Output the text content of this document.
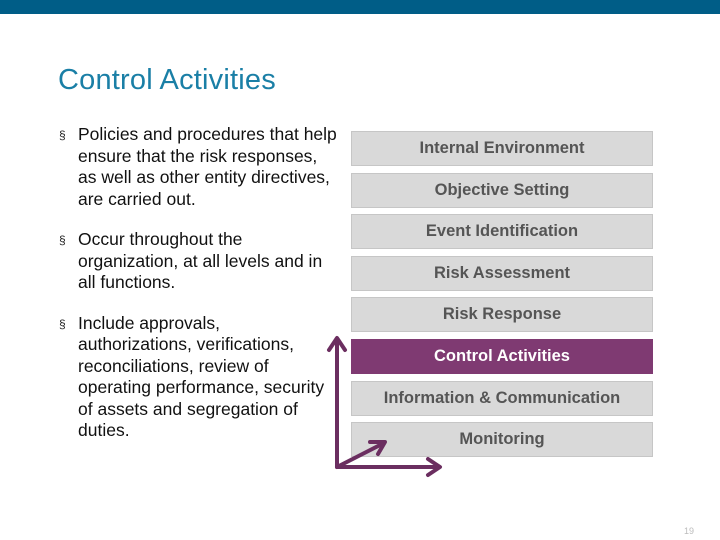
Control Activities
§ Policies and procedures that help ensure that the risk responses, as well as other entity directives, are carried out.
§ Occur throughout the organization, at all levels and in all functions.
§ Include approvals, authorizations, verifications, reconciliations, review of operating performance, security of assets and segregation of duties.
Internal Environment
Objective Setting
Event Identification
Risk Assessment
Risk Response
Control Activities
Information & Communication
Monitoring
19
